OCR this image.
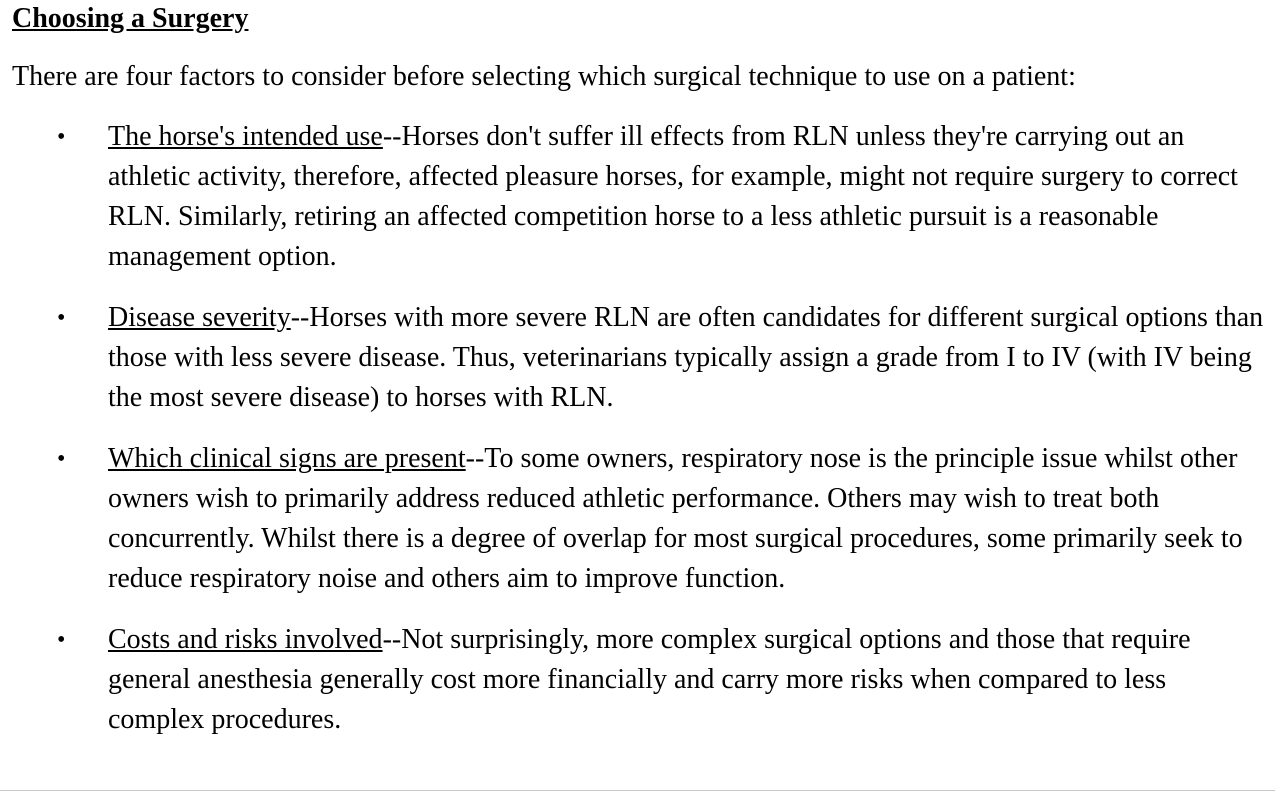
Choosing a Surgery

There are four factors to consider before selecting which surgical technique to use on a patient:

• The horse's intended use--Horses don't suffer ill effects from RLN unless they're carrying out an athletic activity, therefore, affected pleasure horses, for example, might not require surgery to correct RLN. Similarly, retiring an affected competition horse to a less athletic pursuit is a reasonable management option.
• Disease severity--Horses with more severe RLN are often candidates for different surgical options than those with less severe disease. Thus, veterinarians typically assign a grade from I to IV (with IV being the most severe disease) to horses with RLN.
• Which clinical signs are present--To some owners, respiratory nose is the principle issue whilst other owners wish to primarily address reduced athletic performance. Others may wish to treat both concurrently. Whilst there is a degree of overlap for most surgical procedures, some primarily seek to reduce respiratory noise and others aim to improve function.
• Costs and risks involved--Not surprisingly, more complex surgical options and those that require general anesthesia generally cost more financially and carry more risks when compared to less complex procedures.
